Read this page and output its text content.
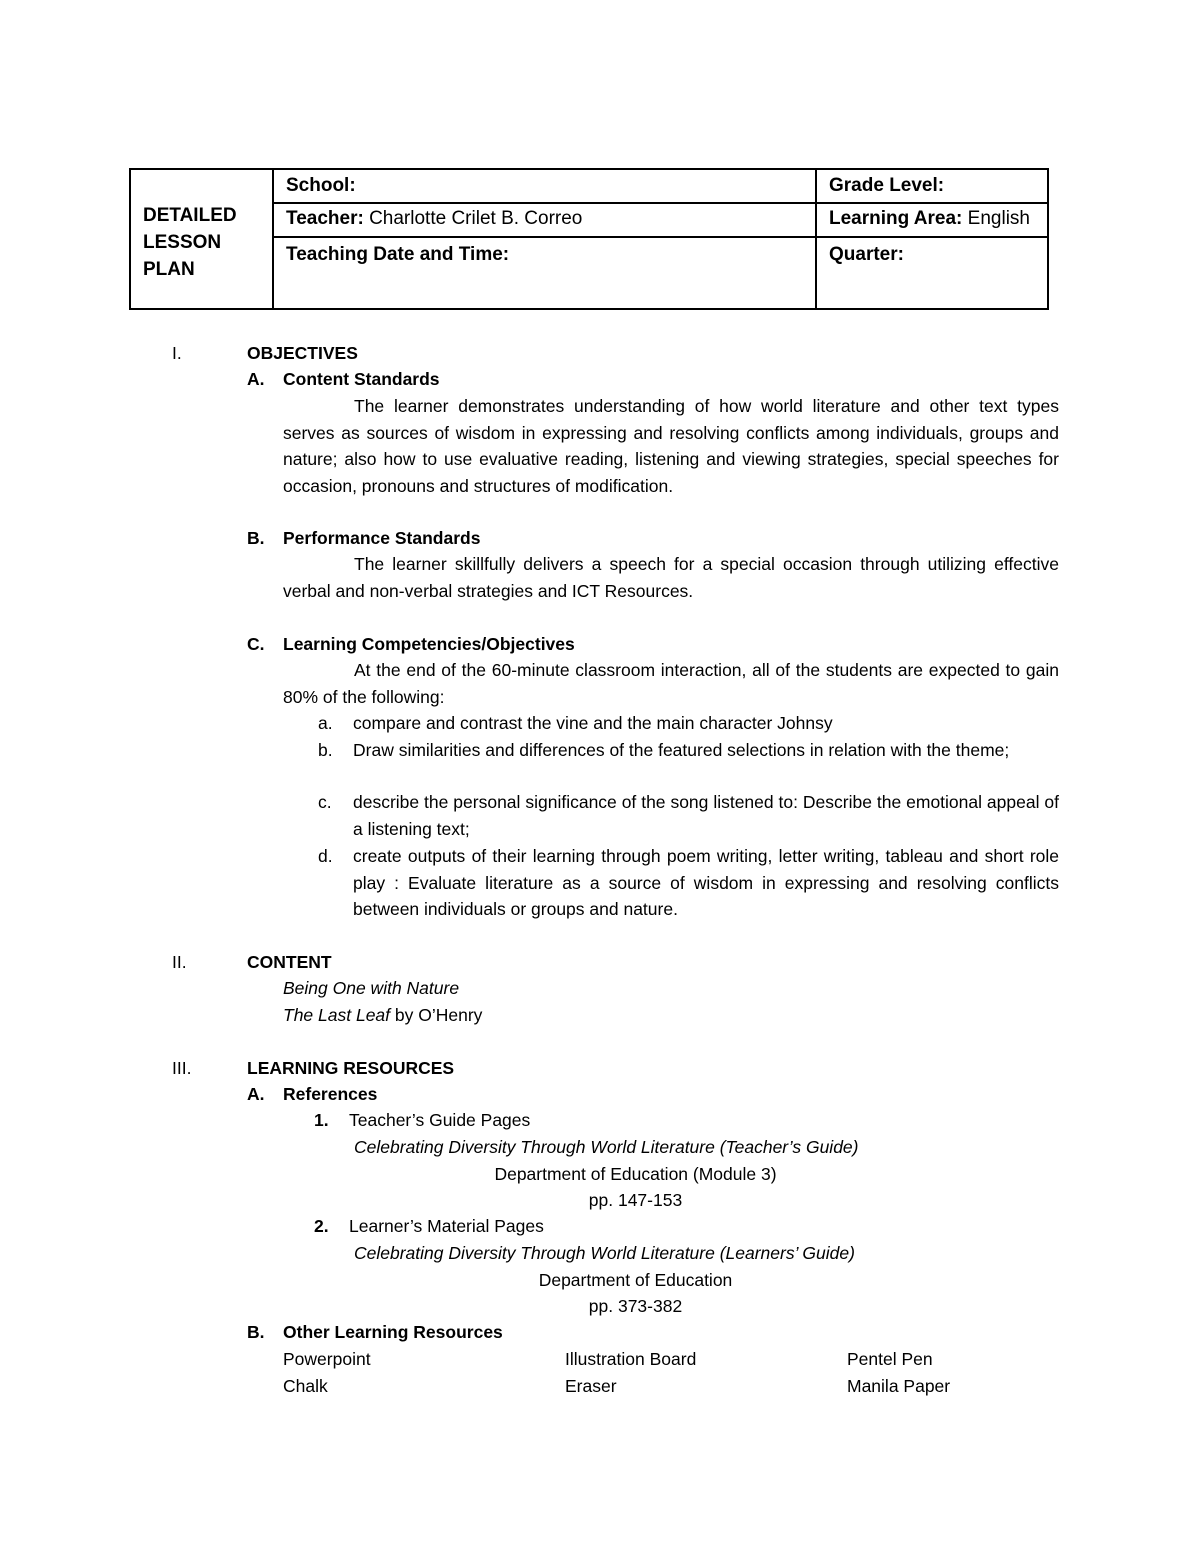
DETAILED LESSON PLAN
School:	Grade Level:
Teacher: Charlotte Crilet B. Correo	Learning Area: English
Teaching Date and Time:	Quarter:
I.	OBJECTIVES
A. Content Standards
The learner demonstrates understanding of how world literature and other text types serves as sources of wisdom in expressing and resolving conflicts among individuals, groups and nature; also how to use evaluative reading, listening and viewing strategies, special speeches for occasion, pronouns and structures of modification.
B. Performance Standards
The learner skillfully delivers a speech for a special occasion through utilizing effective verbal and non-verbal strategies and ICT Resources.
C. Learning Competencies/Objectives
At the end of the 60-minute classroom interaction, all of the students are expected to gain 80% of the following:
a. compare and contrast the vine and the main character Johnsy
b. Draw similarities and differences of the featured selections in relation with the theme;
c. describe the personal significance of the song listened to: Describe the emotional appeal of a listening text;
d. create outputs of their learning through poem writing, letter writing, tableau and short role play : Evaluate literature as a source of wisdom in expressing and resolving conflicts between individuals or groups and nature.
II.	CONTENT
Being One with Nature
The Last Leaf by O’Henry
III.	LEARNING RESOURCES
A. References
1. Teacher’s Guide Pages
Celebrating Diversity Through World Literature (Teacher’s Guide)
Department of Education (Module 3)
pp. 147-153
2. Learner’s Material Pages
Celebrating Diversity Through World Literature (Learners’ Guide)
Department of Education
pp. 373-382
B. Other Learning Resources
Powerpoint	Illustration Board	Pentel Pen
Chalk	Eraser	Manila Paper
